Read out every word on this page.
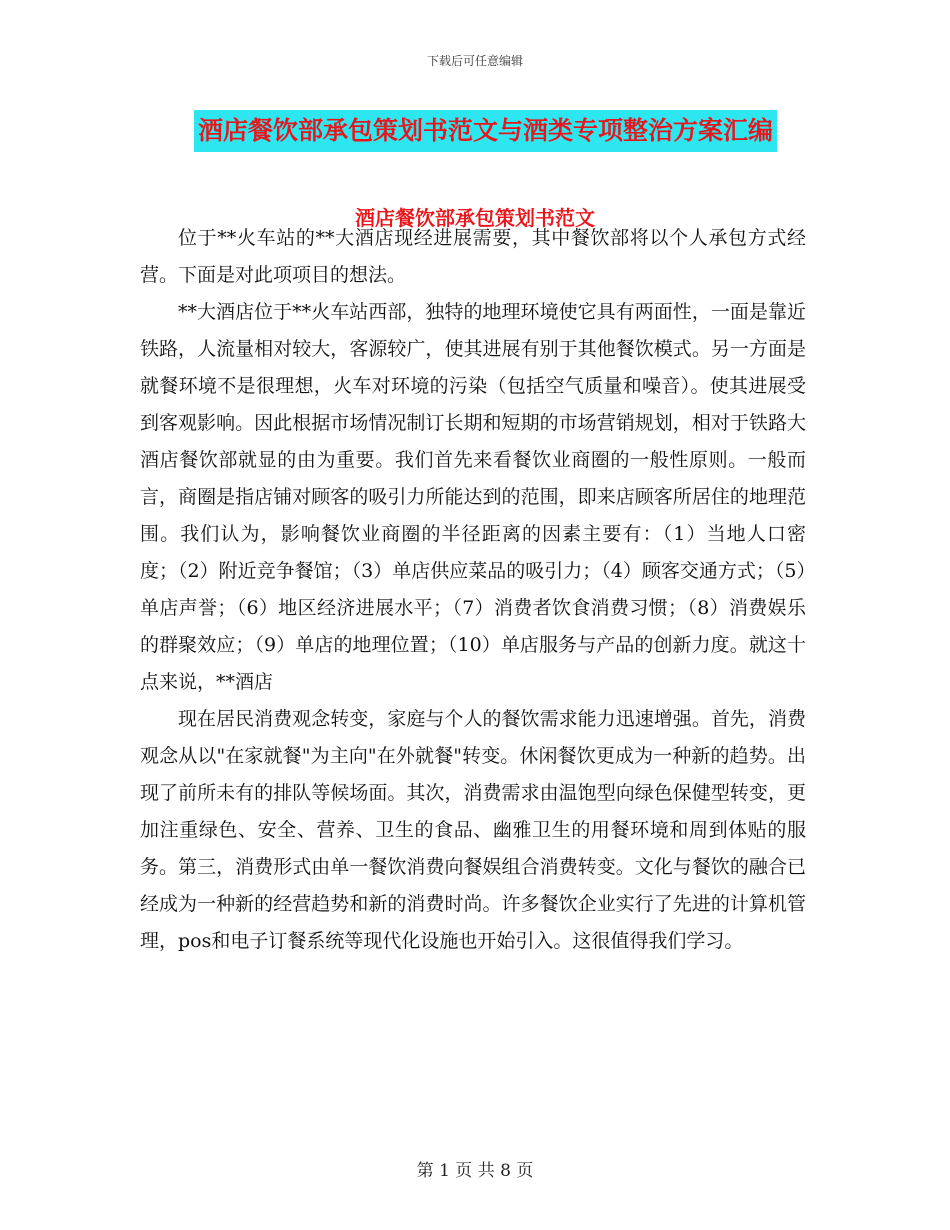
下载后可任意编辑
酒店餐饮部承包策划书范文与酒类专项整治方案汇编
酒店餐饮部承包策划书范文

位于**火车站的**大酒店现经进展需要，其中餐饮部将以个人承包方式经营。下面是对此项项目的想法。

**大酒店位于**火车站西部，独特的地理环境使它具有两面性，一面是靠近铁路，人流量相对较大，客源较广，使其进展有别于其他餐饮模式。另一方面是就餐环境不是很理想，火车对环境的污染（包括空气质量和噪音）。使其进展受到客观影响。因此根据市场情况制订长期和短期的市场营销规划，相对于铁路大酒店餐饮部就显的由为重要。我们首先来看餐饮业商圈的一般性原则。一般而言，商圈是指店铺对顾客的吸引力所能达到的范围，即来店顾客所居住的地理范围。我们认为，影响餐饮业商圈的半径距离的因素主要有：（1）当地人口密度；（2）附近竞争餐馆；（3）单店供应菜品的吸引力；（4）顾客交通方式；（5）单店声誉；（6）地区经济进展水平；（7）消费者饮食消费习惯；（8）消费娱乐的群聚效应；（9）单店的地理位置；（10）单店服务与产品的创新力度。就这十点来说，**酒店

现在居民消费观念转变，家庭与个人的餐饮需求能力迅速增强。首先，消费观念从以"在家就餐"为主向"在外就餐"转变。休闲餐饮更成为一种新的趋势。出现了前所未有的排队等候场面。其次，消费需求由温饱型向绿色保健型转变，更加注重绿色、安全、营养、卫生的食品、幽雅卫生的用餐环境和周到体贴的服务。第三，消费形式由单一餐饮消费向餐娱组合消费转变。文化与餐饮的融合已经成为一种新的经营趋势和新的消费时尚。许多餐饮企业实行了先进的计算机管理，pos和电子订餐系统等现代化设施也开始引入。这很值得我们学习。

第 1 页 共 8 页
